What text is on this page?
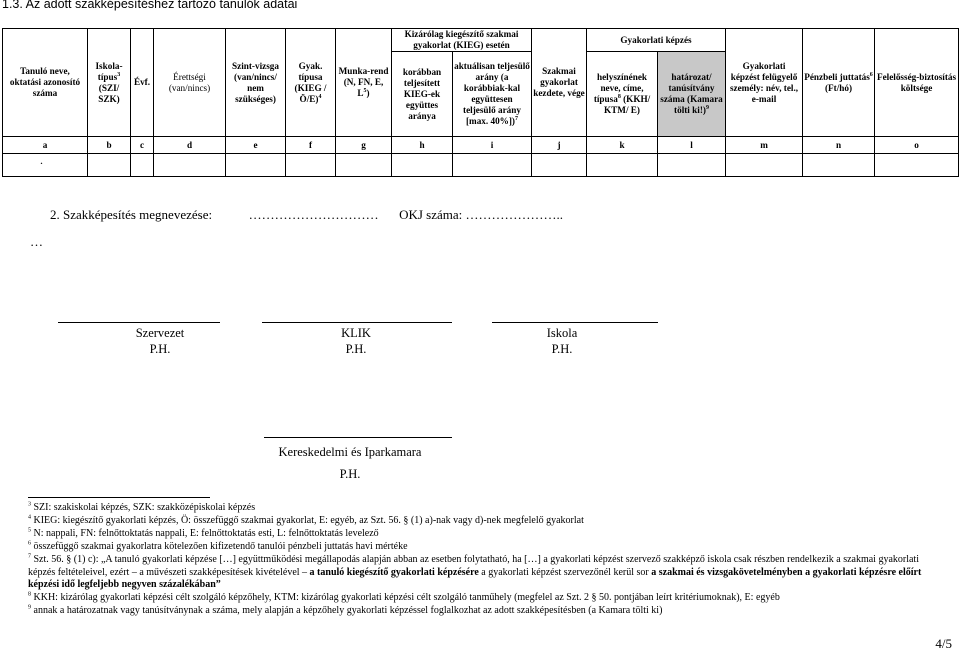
1.3. Az adott szakképesítéshez tartozó tanulók adatai
Tanuló neve, oktatási azonosító száma	Iskola-típus$^3$ (SZI/ SZK)	Évf.	Érettségi (van/nincs)	Szint-vizsga (van/nincs/ nem szükséges)	Gyak. típusa (KIEG /Ö/E)$^4$	Munka-rend (N, FN, E, $L^5$)	Kizárólag kiegészítő szakmai gyakorlat (KIEG) esetén		Szakmai gyakorlat kezdete, vége	Gyakorlati képzés		Gyakorlati képzést felügyelő személy: név, tel., e-mail	Pénzbeli juttatás$^6$ (Ft/hó)	Felelősség-biztosítás költsége
							korábban teljesített KIEG-ek együttes aránya	aktuálisan teljesülő arány (a korábbiak-kal együttesen teljesülő arány [max. 40%])$^7$		helyszínének neve, címe, típusa$^8$ (KKH/ KTM/ E)	határozat/ tanúsítvány száma (Kamara tölti ki!)$^9$
a	b	c	d	e	f	g	h	i	j	k	l	m	n	o

.
2. Szakképesítés megnevezése:	………………………… OKJ száma: …………………..
…
Szervezet
P.H.
KLIK
P.H.
Iskola
P.H.
Kereskedelmi és Iparkamara
P.H.

$^3$ SZI: szakiskolai képzés, SZK: szakközépiskolai képzés

$^4$ KIEG: kiegészítő gyakorlati képzés, Ö: összefüggő szakmai gyakorlat, E: egyéb, az Szt. 56. § (1) a)-nak vagy d)-nek megfelelő gyakorlat

$^5$ N: nappali, FN: felnőttoktatás nappali, E: felnőttoktatás esti, L: felnőttoktatás levelező

$^6$ összefüggő szakmai gyakorlatra kötelezően kifizetendő tanulói pénzbeli juttatás havi mértéke

$^7$ Szt. 56. § (1) c): „A tanuló gyakorlati képzése […] együttműködési megállapodás alapján abban az esetben folytatható, ha […] a gyakorlati képzést szervező szakképző iskola csak részben rendelkezik a szakmai gyakorlati képzés feltételeivel, ezért – a művészeti szakképesítések kivételével – a tanuló kiegészítő gyakorlati képzésére a gyakorlati képzést szervezőnél kerül sor a szakmai és vizsgakövetelményben a gyakorlati képzésre előírt képzési idő legfeljebb negyven százalékában”

$^8$ KKH: kizárólag gyakorlati képzési célt szolgáló képzőhely, KTM: kizárólag gyakorlati képzési célt szolgáló tanműhely (megfelel az Szt. 2 § 50. pontjában leírt kritériumoknak), E: egyéb

$^9$ annak a határozatnak vagy tanúsítványnak a száma, mely alapján a képzőhely gyakorlati képzéssel foglalkozhat az adott szakképesítésben (a Kamara tölti ki)

4/5
